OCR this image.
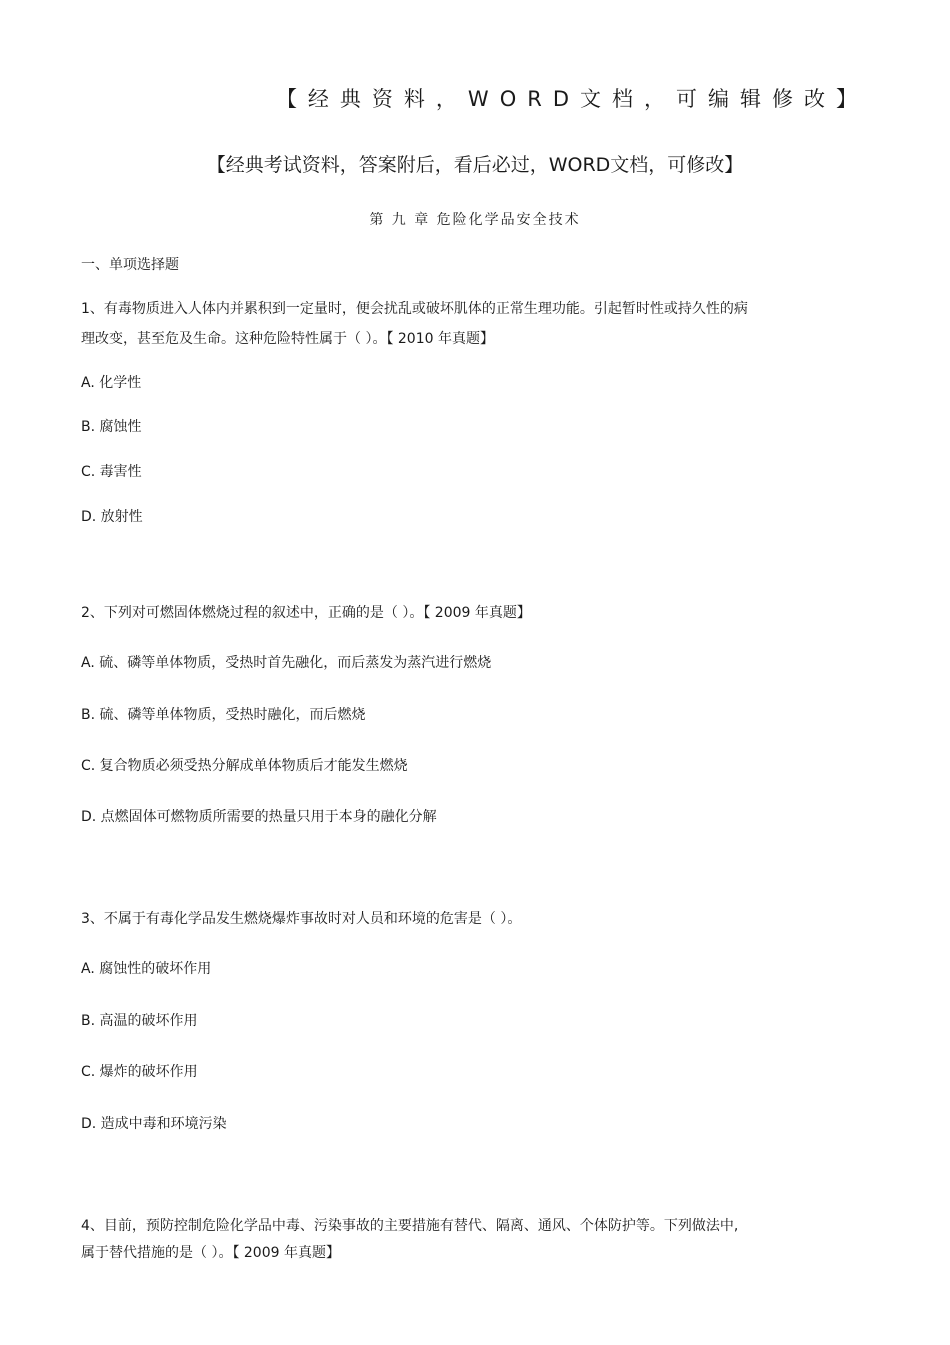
【经典资料，WORD文档，可编辑修改】
【经典考试资料，答案附后，看后必过，WORD文档，可修改】
第 九 章 危险化学品安全技术
一、单项选择题
1、有毒物质进入人体内并累积到一定量时，便会扰乱或破坏肌体的正常生理功能。引起暂时性或持久性的病
理改变，甚至危及生命。这种危险特性属于（ ）。【 2010 年真题】
A. 化学性
B. 腐蚀性
C. 毒害性
D. 放射性
2、下列对可燃固体燃烧过程的叙述中，正确的是（ ）。【 2009 年真题】
A. 硫、磷等单体物质，受热时首先融化，而后蒸发为蒸汽进行燃烧
B. 硫、磷等单体物质，受热时融化，而后燃烧
C. 复合物质必须受热分解成单体物质后才能发生燃烧
D. 点燃固体可燃物质所需要的热量只用于本身的融化分解
3、不属于有毒化学品发生燃烧爆炸事故时对人员和环境的危害是（ ）。
A. 腐蚀性的破坏作用
B. 高温的破坏作用
C. 爆炸的破坏作用
D. 造成中毒和环境污染
4、目前，预防控制危险化学品中毒、污染事故的主要措施有替代、隔离、通风、个体防护等。下列做法中,
属于替代措施的是（ ）。【 2009 年真题】
